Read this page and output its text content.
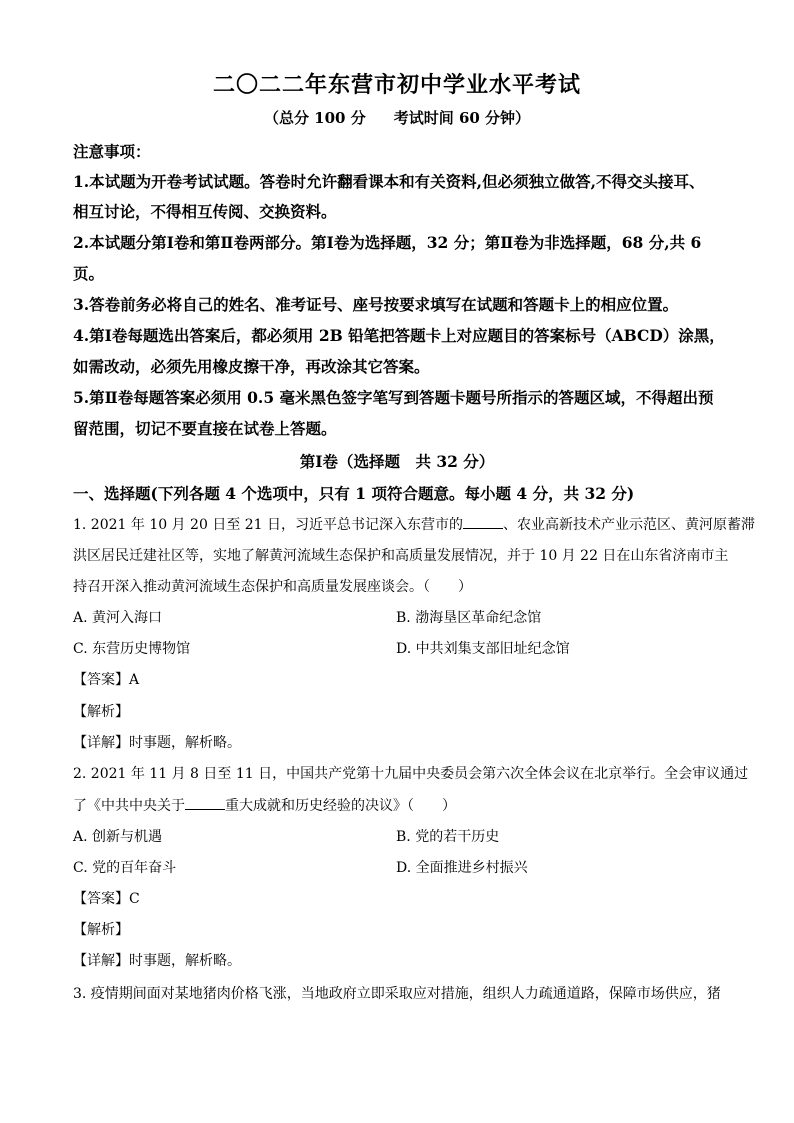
二〇二二年东营市初中学业水平考试
（总分 100 分 考试时间 60 分钟）
注意事项：
1.本试题为开卷考试试题。答卷时允许翻看课本和有关资料,但必须独立做答,不得交头接耳、
相互讨论，不得相互传阅、交换资料。
2.本试题分第Ⅰ卷和第Ⅱ卷两部分。第Ⅰ卷为选择题，32 分；第Ⅱ卷为非选择题，68 分,共 6
页。
3.答卷前务必将自己的姓名、准考证号、座号按要求填写在试题和答题卡上的相应位置。
4.第Ⅰ卷每题选出答案后，都必须用 2B 铅笔把答题卡上对应题目的答案标号（ABCD）涂黑，
如需改动，必须先用橡皮擦干净，再改涂其它答案。
5.第Ⅱ卷每题答案必须用 0.5 毫米黑色签字笔写到答题卡题号所指示的答题区域，不得超出预
留范围，切记不要直接在试卷上答题。
第Ⅰ卷（选择题　共 32 分）
一、选择题(下列各题 4 个选项中，只有 1 项符合题意。每小题 4 分，共 32 分)
1. 2021 年 10 月 20 日至 21 日，习近平总书记深入东营市的	、农业高新技术产业示范区、黄河原蓄滞
洪区居民迁建社区等，实地了解黄河流域生态保护和高质量发展情况，并于 10 月 22 日在山东省济南市主
持召开深入推动黄河流域生态保护和高质量发展座谈会。（　　）
A. 黄河入海口	B. 渤海垦区革命纪念馆
C. 东营历史博物馆	D. 中共刘集支部旧址纪念馆
【答案】A
【解析】
【详解】时事题，解析略。
2. 2021 年 11 月 8 日至 11 日，中国共产党第十九届中央委员会第六次全体会议在北京举行。全会审议通过
了《中共中央关于	重大成就和历史经验的决议》（　　）
A. 创新与机遇	B. 党的若干历史
C. 党的百年奋斗	D. 全面推进乡村振兴
【答案】C
【解析】
【详解】时事题，解析略。
3. 疫情期间面对某地猪肉价格飞涨，当地政府立即采取应对措施，组织人力疏通道路，保障市场供应，猪
